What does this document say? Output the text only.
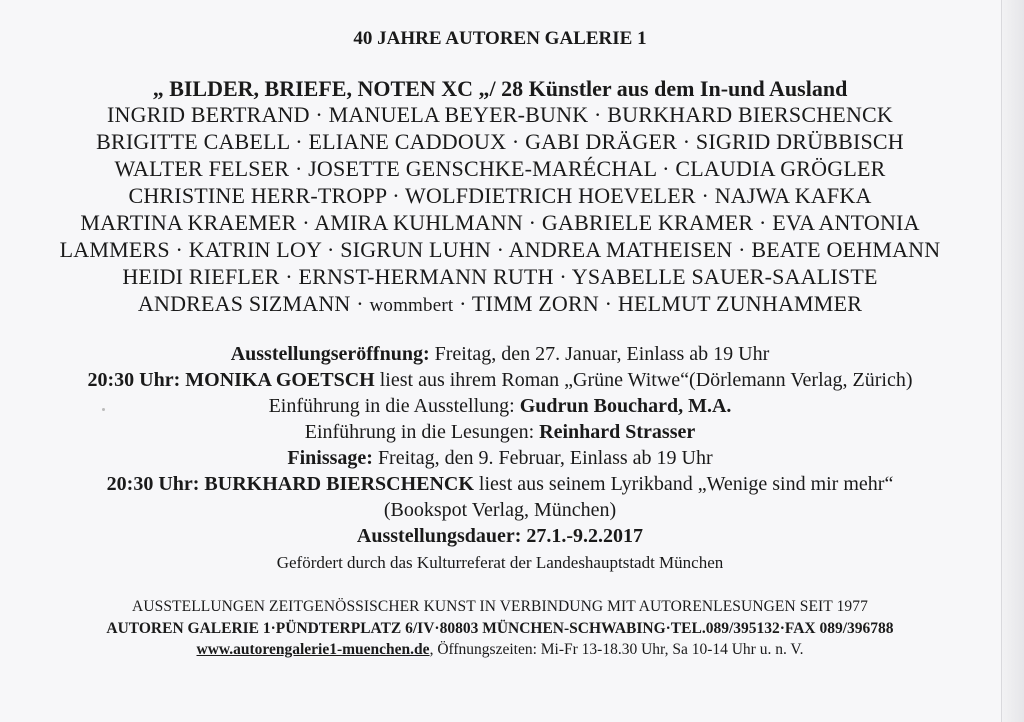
40 JAHRE AUTOREN GALERIE 1
„ BILDER, BRIEFE, NOTEN XC „/ 28 Künstler aus dem In-und Ausland
INGRID BERTRAND · MANUELA BEYER-BUNK · BURKHARD BIERSCHENCK
BRIGITTE CABELL · ELIANE CADDOUX · GABI DRÄGER · SIGRID DRÜBBISCH
WALTER FELSER · JOSETTE GENSCHKE-MARÉCHAL · CLAUDIA GRÖGLER
CHRISTINE HERR-TROPP · WOLFDIETRICH HOEVELER · NAJWA KAFKA
MARTINA KRAEMER · AMIRA KUHLMANN · GABRIELE KRAMER · EVA ANTONIA
LAMMERS · KATRIN LOY · SIGRUN LUHN · ANDREA MATHEISEN · BEATE OEHMANN
HEIDI RIEFLER · ERNST-HERMANN RUTH · YSABELLE SAUER-SAALISTE
ANDREAS SIZMANN · wommbert · TIMM ZORN · HELMUT ZUNHAMMER
Ausstellungseröffnung: Freitag, den 27. Januar, Einlass ab 19 Uhr
20:30 Uhr: MONIKA GOETSCH liest aus ihrem Roman „Grüne Witwe“(Dörlemann Verlag, Zürich)
Einführung in die Ausstellung: Gudrun Bouchard, M.A.
Einführung in die Lesungen: Reinhard Strasser
Finissage: Freitag, den 9. Februar, Einlass ab 19 Uhr
20:30 Uhr: BURKHARD BIERSCHENCK liest aus seinem Lyrikband „Wenige sind mir mehr“
(Bookspot Verlag, München)
Ausstellungsdauer: 27.1.-9.2.2017
Gefördert durch das Kulturreferat der Landeshauptstadt München
AUSSTELLUNGEN ZEITGENÖSSISCHER KUNST IN VERBINDUNG MIT AUTORENLESUNGEN SEIT 1977
AUTOREN GALERIE 1·PÜNDTERPLATZ 6/IV·80803 MÜNCHEN-SCHWABING·TEL.089/395132·FAX 089/396788
www.autorengalerie1-muenchen.de, Öffnungszeiten: Mi-Fr 13-18.30 Uhr, Sa 10-14 Uhr u. n. V.
